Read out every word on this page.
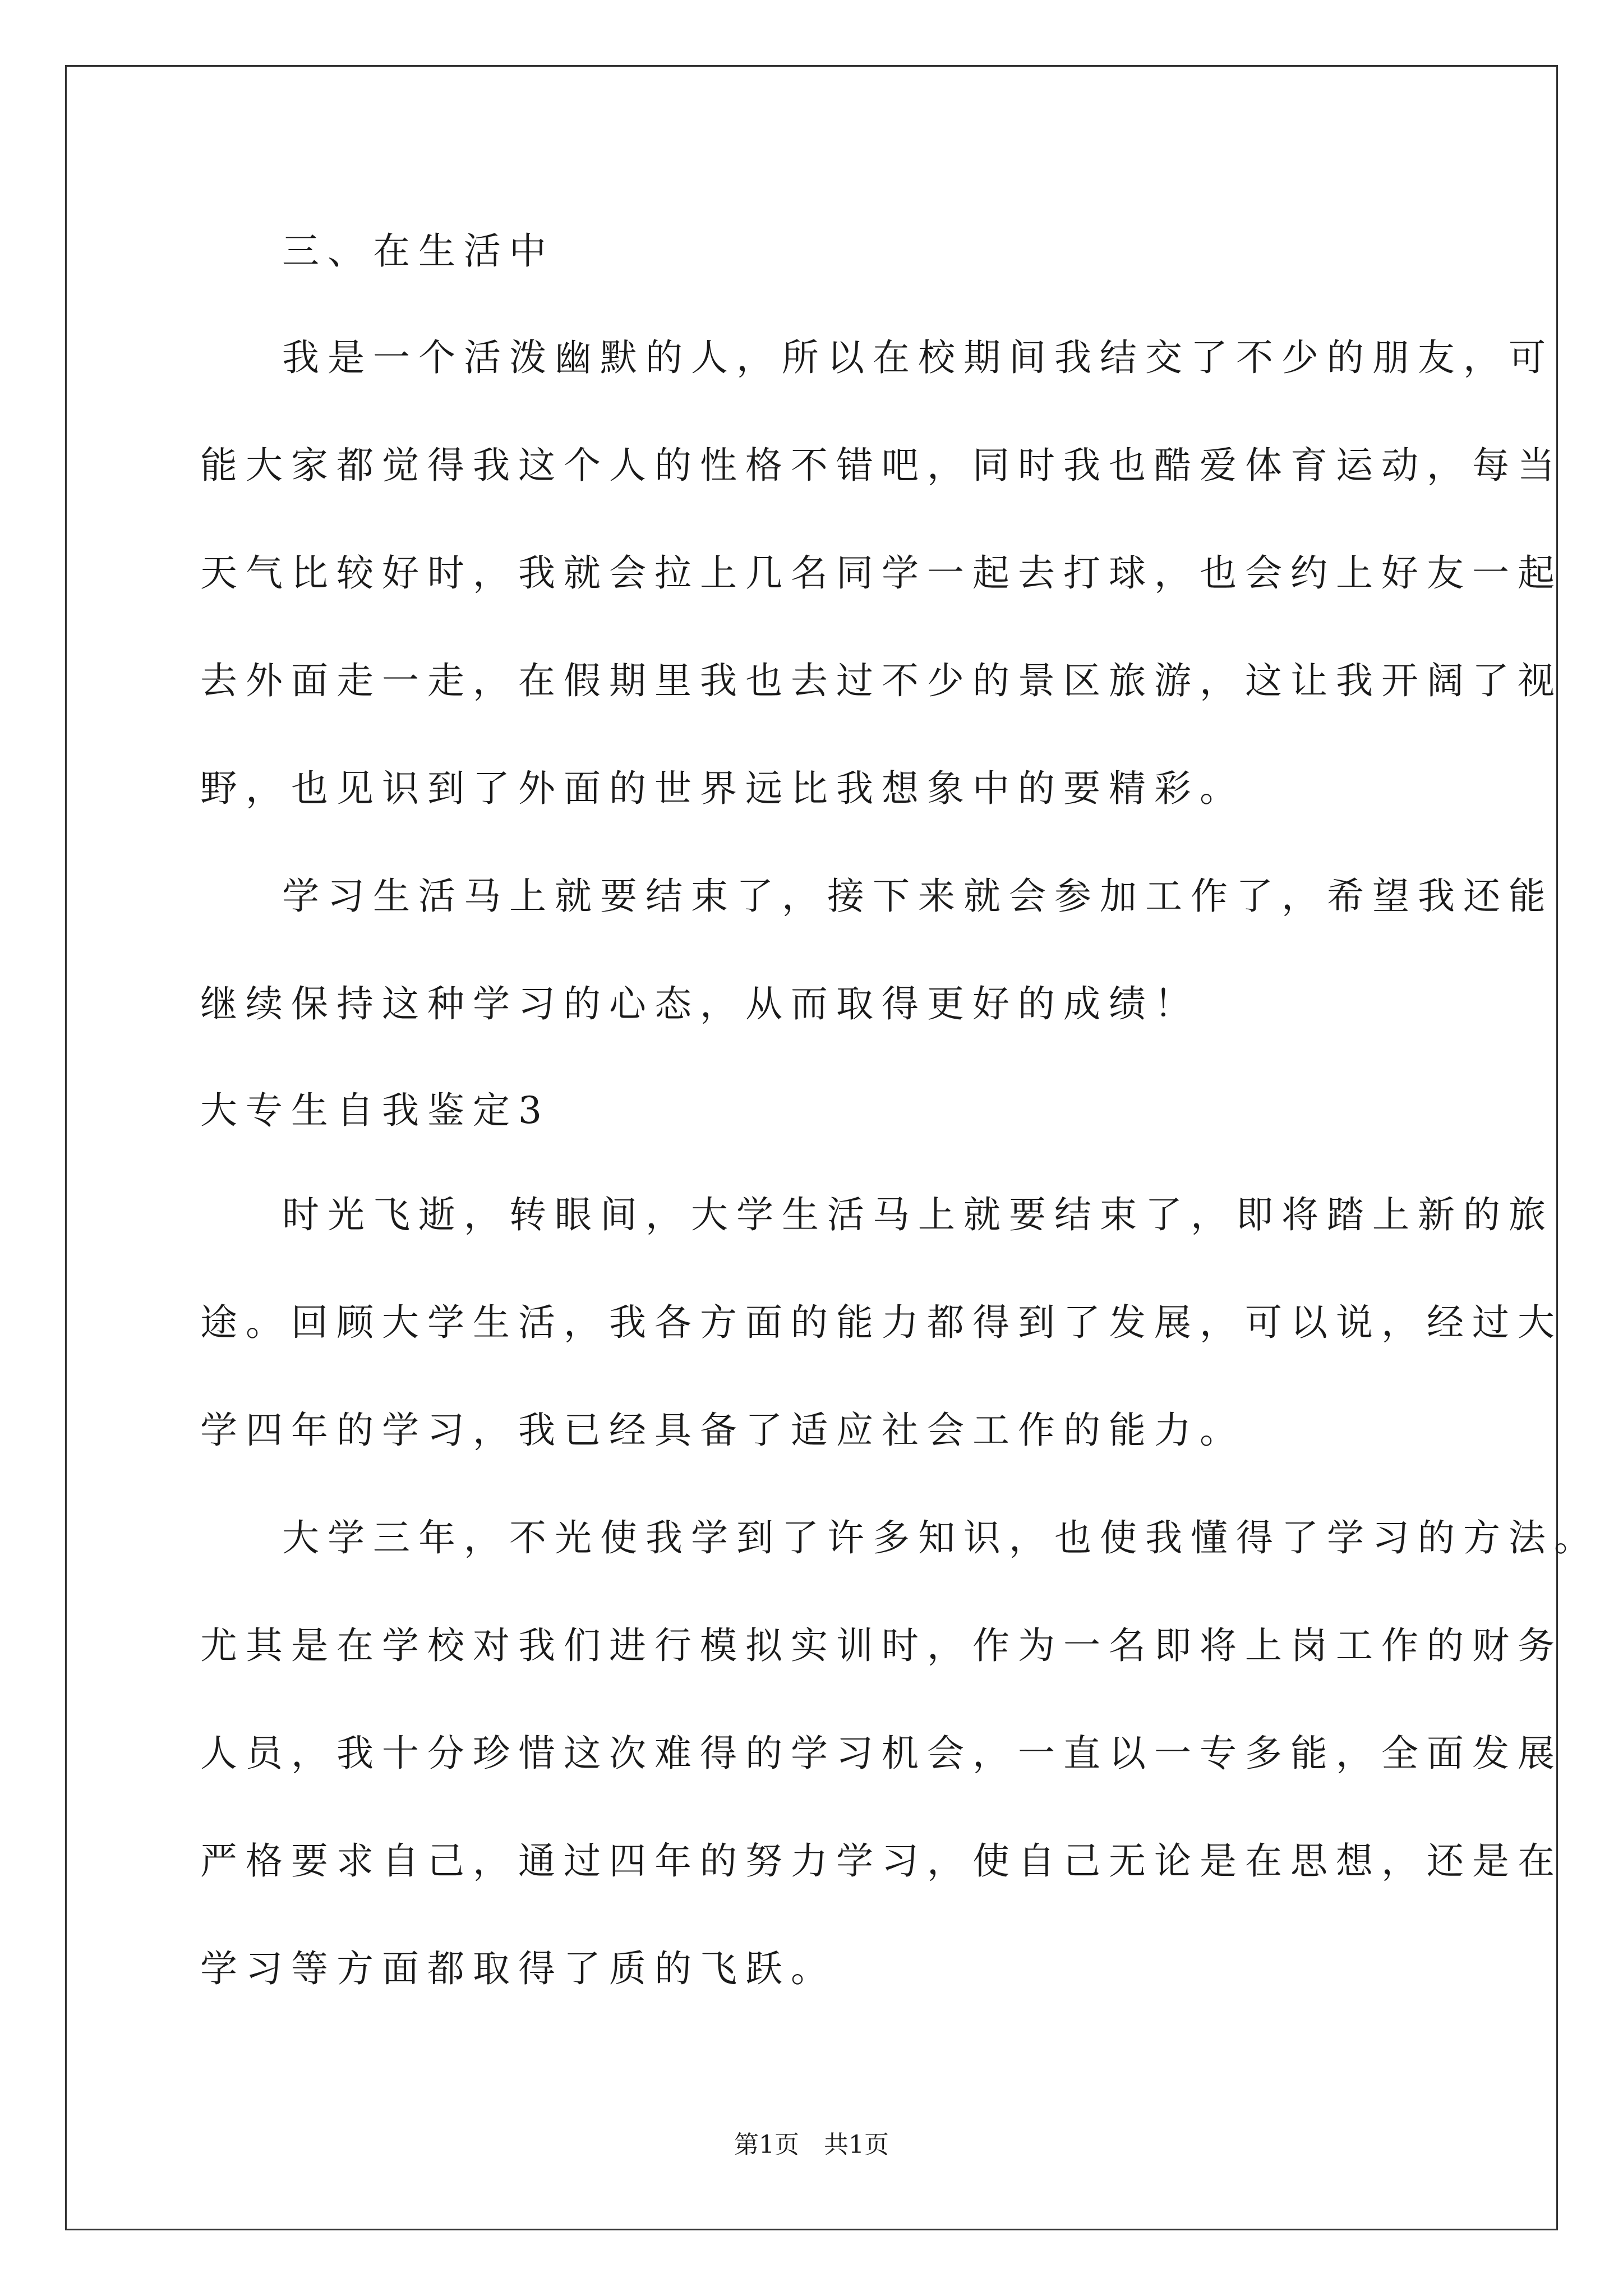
三、在生活中
我是一个活泼幽默的人，所以在校期间我结交了不少的朋友，可
能大家都觉得我这个人的性格不错吧，同时我也酷爱体育运动，每当
天气比较好时，我就会拉上几名同学一起去打球，也会约上好友一起
去外面走一走，在假期里我也去过不少的景区旅游，这让我开阔了视
野，也见识到了外面的世界远比我想象中的要精彩。
学习生活马上就要结束了，接下来就会参加工作了，希望我还能
继续保持这种学习的心态，从而取得更好的成绩！
大专生自我鉴定3
时光飞逝，转眼间，大学生活马上就要结束了，即将踏上新的旅
途。回顾大学生活，我各方面的能力都得到了发展，可以说，经过大
学四年的学习，我已经具备了适应社会工作的能力。
大学三年，不光使我学到了许多知识，也使我懂得了学习的方法。
尤其是在学校对我们进行模拟实训时，作为一名即将上岗工作的财务
人员，我十分珍惜这次难得的学习机会，一直以一专多能，全面发展
严格要求自己，通过四年的努力学习，使自己无论是在思想，还是在
学习等方面都取得了质的飞跃。
第1页　共1页
